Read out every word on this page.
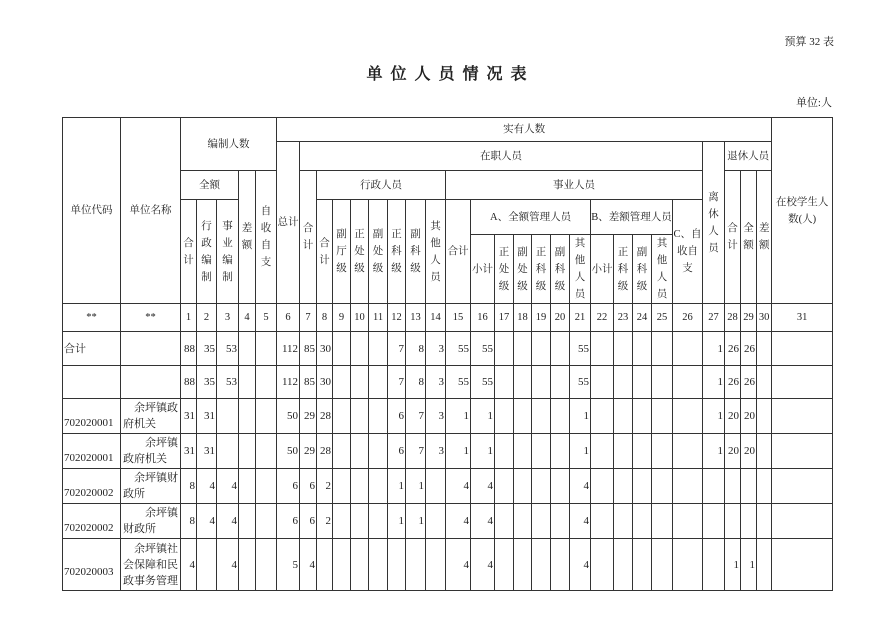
预算 32 表
单 位 人 员 情 况 表
单位:人
单位代码	单位名称	编制人数					实有人数																									在校学生人数(人)
							总计	在职人员																				离休人员	退休人员			
		全额			差额	自收自支		合计	行政人员							事业人员													合计	全额	差额	
		合计	行政编制	事业编制					合计	副厅级	正处级	副处级	正科级	副科级	其他人员	合计	A、全额管理人员						B、差额管理人员				C、自收自支					
																	小计	正处级	副处级	正科级	副科级	其他人员	小计	正科级	副科级	其他人员						
**	**	1	2	3	4	5	6	7	8	9	10	11	12	13	14	15	16	17	18	19	20	21	22	23	24	25	26	27	28	29	30	31
合计		88	35	53			112	85	30				7	8	3	55	55					55						1	26	26		
		88	35	53			112	85	30				7	8	3	55	55					55						1	26	26		
702020001	余坪镇政府机关	31	31				50	29	28				6	7	3	1	1					1						1	20	20		
702020001	余坪镇政府机关	31	31				50	29	28				6	7	3	1	1					1						1	20	20		
702020002	余坪镇财政所	8	4	4			6	6	2				1	1		4	4					4										
702020002	余坪镇财政所	8	4	4			6	6	2				1	1		4	4					4										
702020003	余坪镇社会保障和民政事务管理	4		4			5	4								4	4					4							1	1		
